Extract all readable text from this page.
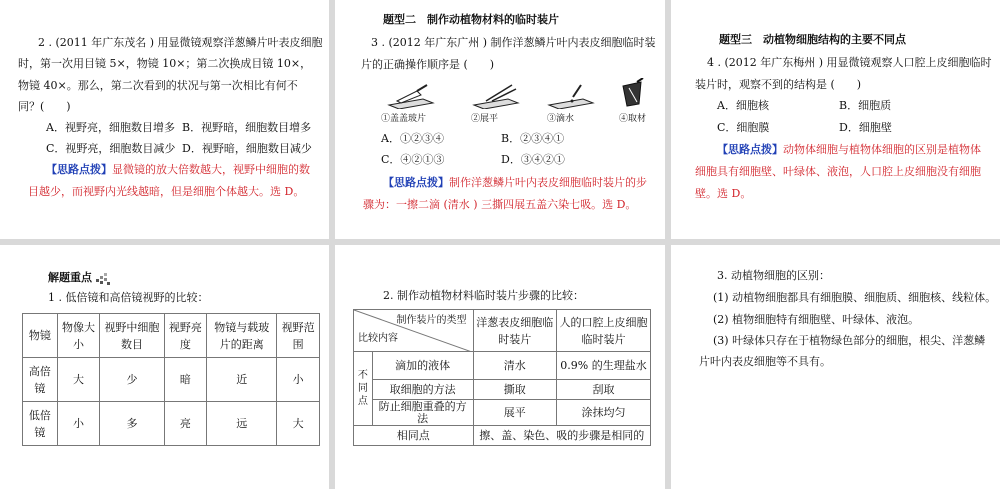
2 . (2011 年广东茂名 ) 用显微镜观察洋葱鳞片叶表皮细胞
时，第一次用目镜 5×，物镜 10×；第二次换成目镜 10×，
物镜 40×。那么，第二次看到的状况与第一次相比有何不
同？(　　)
A．视野亮，细胞数目增多 B．视野暗，细胞数目增多
C．视野亮，细胞数目减少 D．视野暗，细胞数目减少
【思路点拨】显微镜的放大倍数越大，视野中细胞的数
目越少，而视野内光线越暗，但是细胞个体越大。选 D。
题型二　制作动植物材料的临时装片
3 . (2012 年广东广州 ) 制作洋葱鳞片叶内表皮细胞临时装
片的正确操作顺序是 (　　)
①盖盖玻片	②展平	③滴水	④取材
A．①②③④	B．②③④①
C．④②①③	D．③④②①
【思路点拨】制作洋葱鳞片叶内表皮细胞临时装片的步
骤为：一擦二滴 (清水 ) 三撕四展五盖六染七吸。选 D。
题型三　动植物细胞结构的主要不同点
4 . (2012 年广东梅州 ) 用显微镜观察人口腔上皮细胞临时
装片时，观察不到的结构是 (　　)
A．细胞核	B．细胞质
C．细胞膜	D．细胞壁
【思路点拨】动物体细胞与植物体细胞的区别是植物体
细胞具有细胞壁、叶绿体、液泡，人口腔上皮细胞没有细胞
壁。选 D。
解题重点
1 . 低倍镜和高倍镜视野的比较：
物镜	物像大小	视野中细胞数目	视野亮度	物镜与载玻片的距离	视野范围
高倍镜	大	少	暗	近	小
低倍镜	小	多	亮	远	大
2. 制作动植物材料临时装片步骤的比较：
制作装片的类型
比较内容		洋葱表皮细胞临时装片	人的口腔上皮细胞临时装片
不同点	滴加的液体	清水	0.9% 的生理盐水
	取细胞的方法	撕取	刮取
	防止细胞重叠的方法	展平	涂抹均匀
相同点		擦、盖、染色、吸的步骤是相同的	
3. 动植物细胞的区别：
(1) 动植物细胞都具有细胞膜、细胞质、细胞核、线粒体。
(2) 植物细胞特有细胞壁、叶绿体、液泡。
(3) 叶绿体只存在于植物绿色部分的细胞，根尖、洋葱鳞
片叶内表皮细胞等不具有。
